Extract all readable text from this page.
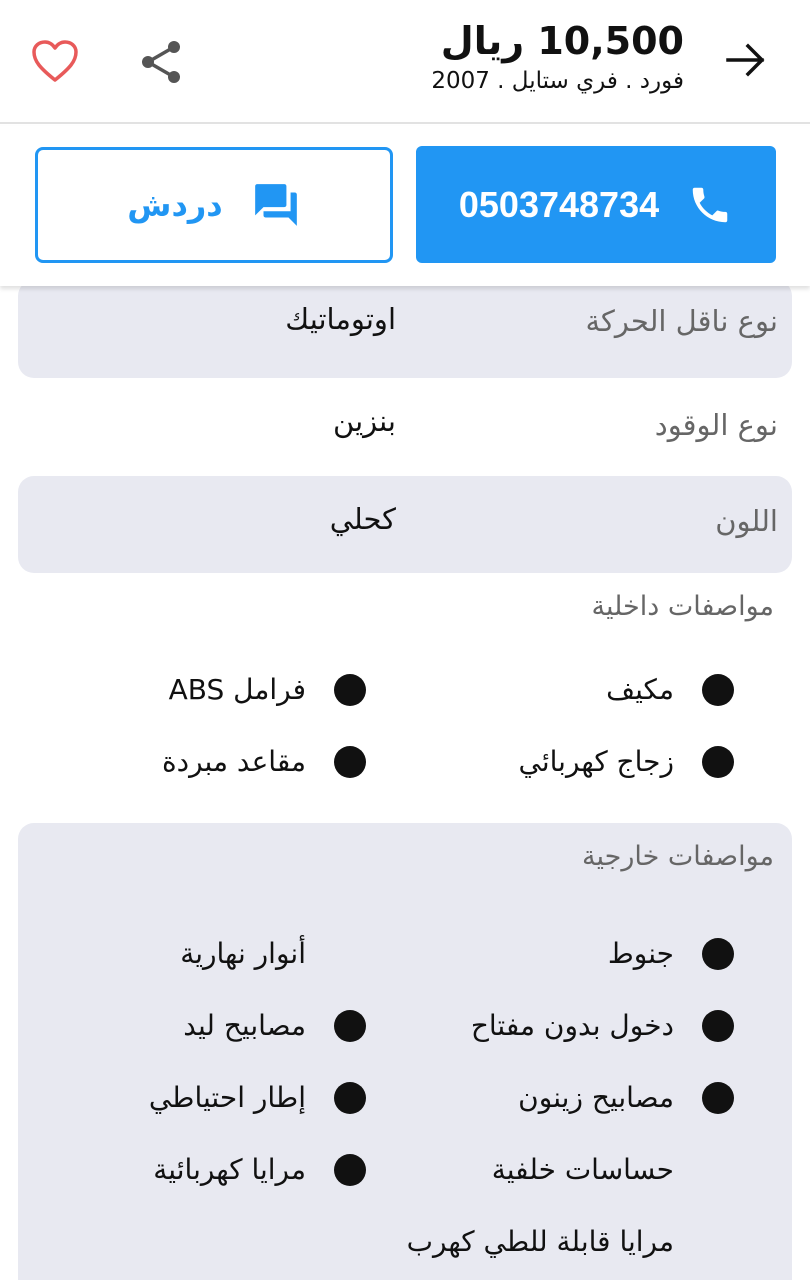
10,500 ريال
فورد . فري ستايل . 2007
0503748734
دردش
نوع ناقل الحركة
اوتوماتيك
نوع الوقود
بنزين
اللون
كحلي
مواصفات داخلية
مكيف
فرامل ABS
زجاج كهربائي
مقاعد مبردة
مواصفات خارجية
جنوط
أنوار نهارية
دخول بدون مفتاح
مصابيح ليد
مصابيح زينون
إطار احتياطي
حساسات خلفية
مرايا كهربائية
مرايا قابلة للطي كهرب
